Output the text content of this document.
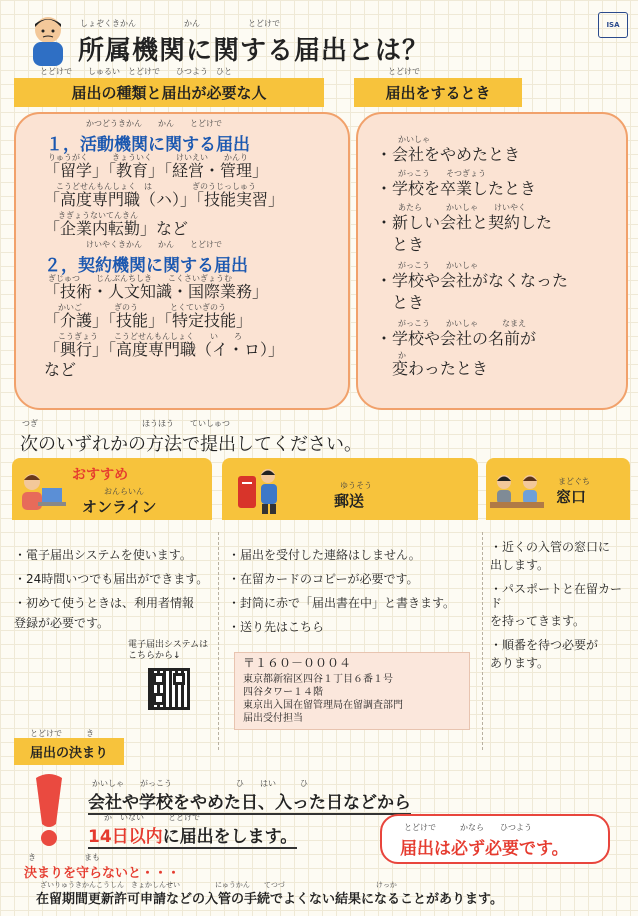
しょぞくきかん　　　　　　かん　　　　　　とどけで
所属機関に関する届出とは？
ISA
とどけで　　しゅるい　とどけで　　ひつよう　ひと
届出の種類と届出が必要な人
とどけで
届出をするとき
かつどうきかん　　かん　　とどけで
１，活動機関に関する届出
りゅうがく　　　きょういく　　　けいえい　　かんり
「留学」「教育」「経営・管理」
こうどせんもんしょく　は　　　　　ぎのうじっしゅう
「高度専門職（ハ）」「技能実習」
きぎょうないてんきん
「企業内転勤」など
けいやくきかん　　かん　　とどけで
２，契約機関に関する届出
ぎじゅつ　　じんぶんちしき　　こくさいぎょうむ
「技術・人文知識・国際業務」
かいご　　　　ぎのう　　　　とくていぎのう
「介護」「技能」「特定技能」
こうぎょう　　こうどせんもんしょく　　い　　ろ
「興行」「高度専門職（イ・ロ）」
など
かいしゃ
・会社をやめたとき
がっこう　　そつぎょう
・学校を卒業したとき
あたら　　　かいしゃ　　けいやく
・新しい会社と契約した
　とき
がっこう　　かいしゃ
・学校や会社がなくなった
　とき
がっこう　　かいしゃ　　　なまえ
・学校や会社の名前が
か
　変わったとき
つぎ　　　　　　　　　　　　　ほうほう　　ていしゅつ
次のいずれかの方法で提出してください。
おすすめ
おんらいん
オンライン
ゆうそう
郵送
まどぐち
窓口
・電子届出システムを使います。
・24時間いつでも届出ができます。
・初めて使うときは、利用者情報
登録が必要です。
電子届出システムは こちらから↓
・届出を受付した連絡はしません。
・在留カードのコピーが必要です。
・封筒に赤で「届出書在中」と書きます。
・送り先はこちら
〒１６０－０００４
東京都新宿区四谷１丁目６番１号
四谷タワー１４階
東京出入国在留管理局在留調査部門
届出受付担当
・近くの入管の窓口に
出します。
・パスポートと在留カード
を持ってきます。
・順番を待つ必要が
あります。
とどけで　　　き
届出の決まり
かいしゃ　　がっこう　　　　　　　　ひ　　はい　　　ひ
会社や学校をやめた日、入った日などから
か　いない　　　とどけで
14日以内に届出をします。	とどけで　　　かなら　　ひつよう
届出は必ず必要です。
き　　　　　　まも
決まりを守らないと・・・
ざいりゅうきかんこうしん　きょかしんせい　　　　　にゅうかん　　てつづ　　　　　　　　　　　　　けっか
在留期間更新許可申請などの入管の手続でよくない結果になることがあります。
